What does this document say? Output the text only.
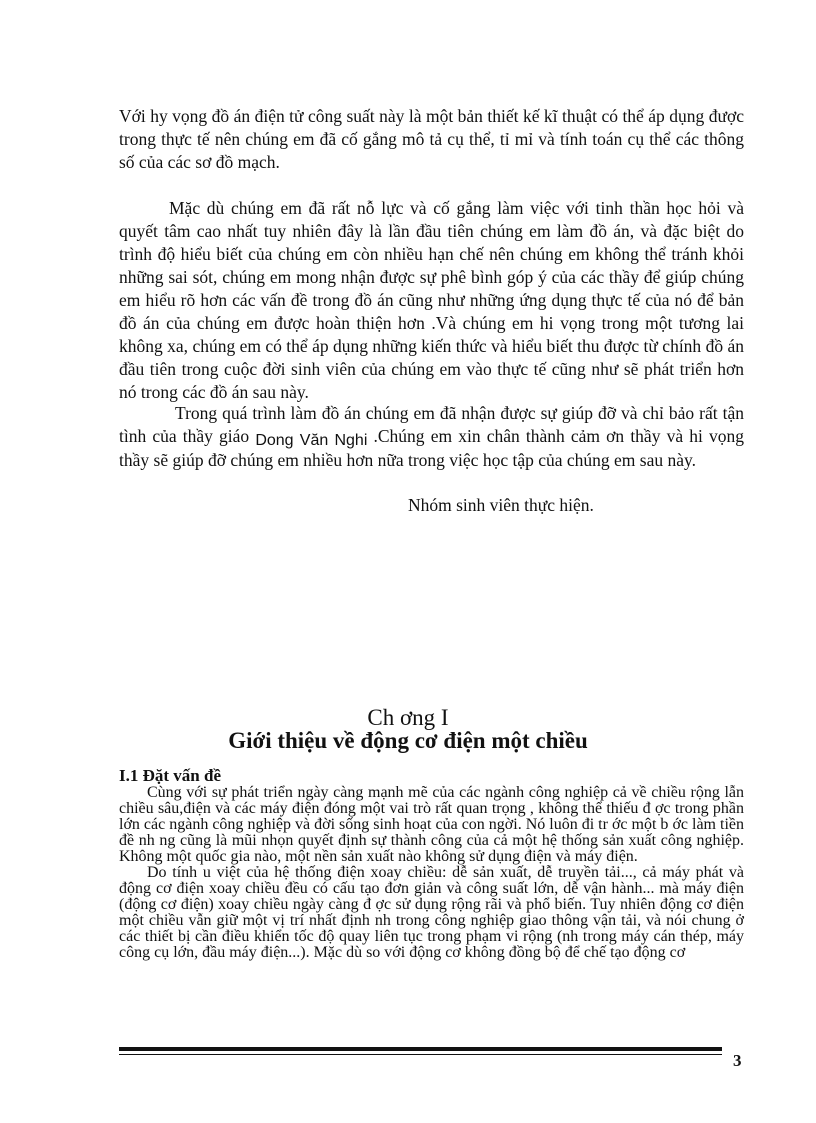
Với hy vọng đồ án điện tử công suất này là một bản thiết kế kĩ thuật có thể áp dụng được trong thực tế nên chúng em đã cố gắng mô tả cụ thể, tỉ mỉ và tính toán cụ thể các thông số của các sơ đồ mạch.

Mặc dù chúng em đã rất nỗ lực và cố gắng làm việc với tinh thần học hỏi và quyết tâm cao nhất tuy nhiên đây là lần đầu tiên chúng em làm đồ án, và đặc biệt do trình độ hiểu biết của chúng em còn nhiều hạn chế nên chúng em không thể tránh khỏi những sai sót, chúng em mong nhận được sự phê bình góp ý của các thầy để giúp chúng em hiểu rõ hơn các vấn đề trong đồ án cũng như những ứng dụng thực tế của nó để bản đồ án của chúng em được hoàn thiện hơn .Và chúng em hi vọng trong một tương lai không xa, chúng em có thể áp dụng những kiến thức và hiểu biết thu được từ chính đồ án đầu tiên trong cuộc đời sinh viên của chúng em vào thực tế cũng như sẽ phát triển hơn nó trong các đồ án sau này.

Trong quá trình làm đồ án chúng em đã nhận được sự giúp đỡ và chỉ bảo rất tận tình của thầy giáo Dong Văn Nghi .Chúng em xin chân thành cảm ơn thầy và hi vọng thầy sẽ giúp đỡ chúng em nhiều hơn nữa trong việc học tập của chúng em sau này.

Nhóm sinh viên thực hiện.
Ch ơng I
Giới thiệu về động cơ điện một chiều
I.1 Đặt vấn đề

Cùng với sự phát triển ngày càng mạnh mẽ của các ngành công nghiệp cả về chiều rộng lẫn chiều sâu,điện và các máy điện đóng một vai trò rất quan trọng , không thể thiếu đ ợc trong phần lớn các ngành công nghiệp và đời sống sinh hoạt của con ngời. Nó luôn đi tr ớc một b ớc làm tiền đề nh ng cũng là mũi nhọn quyết định sự thành công của cả một hệ thống sản xuất công nghiệp. Không một quốc gia nào, một nền sản xuất nào không sử dụng điện và máy điện.

Do tính u việt của hệ thống điện xoay chiều: dễ sản xuất, dễ truyền tải..., cả máy phát và động cơ điện xoay chiều đều có cấu tạo đơn giản và công suất lớn, dễ vận hành... mà máy điện (động cơ điện) xoay chiều ngày càng đ ợc sử dụng rộng rãi và phổ biến. Tuy nhiên động cơ điện một chiều vẫn giữ một vị trí nhất định nh trong công nghiệp giao thông vận tải, và nói chung ở các thiết bị cần điều khiển tốc độ quay liên tục trong phạm vi rộng (nh trong máy cán thép, máy công cụ lớn, đầu máy điện...). Mặc dù so với động cơ không đồng bộ để chế tạo động cơ

3
